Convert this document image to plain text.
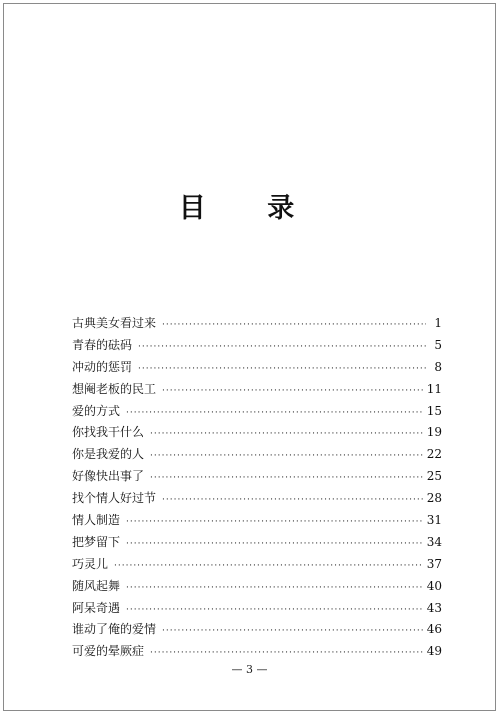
目 录
古典美女看过来 ·····	1
青春的砝码 ·····	5
冲动的惩罚 ·····	8
想阉老板的民工 ·····	11
爱的方式 ·····	15
你找我干什么 ·····	19
你是我爱的人 ·····	22
好像快出事了 ·····	25
找个情人好过节 ·····	28
情人制造 ·····	31
把梦留下 ·····	34
巧灵儿 ·····	37
随风起舞 ·····	40
阿呆奇遇 ·····	43
谁动了俺的爱情 ·····	46
可爱的晕厥症 ·····	49
— 3 —
